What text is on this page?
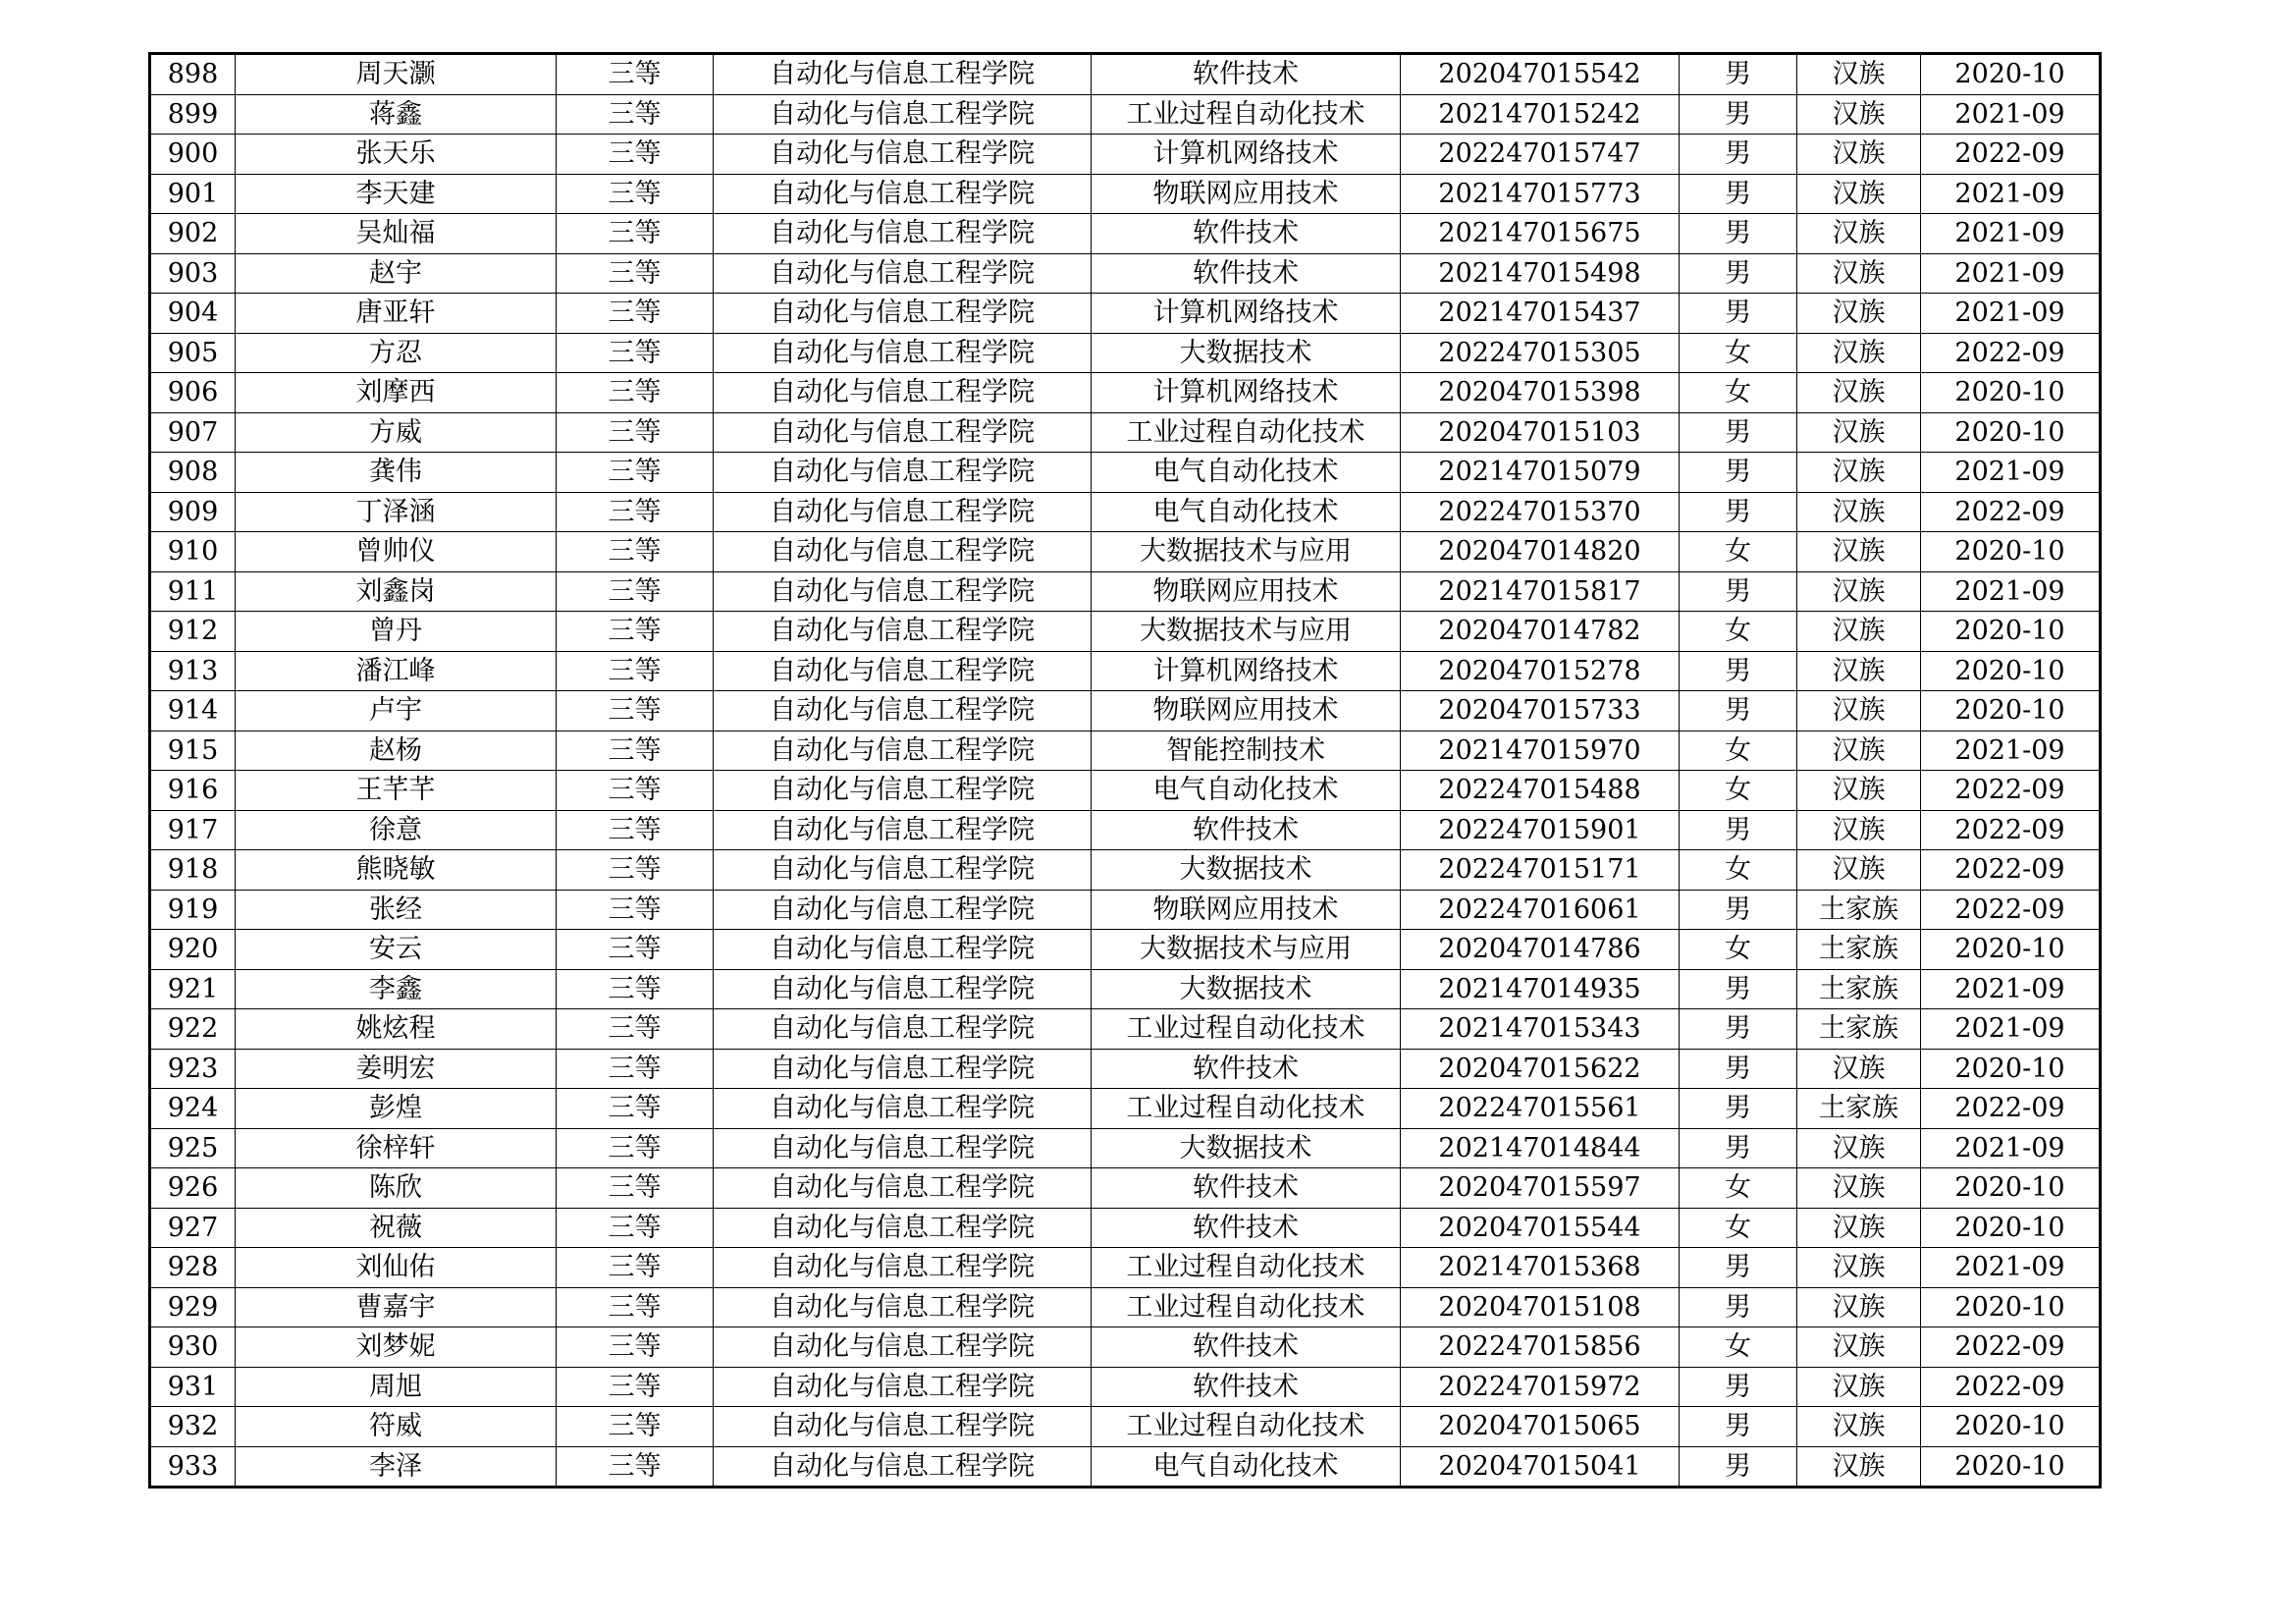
898	周天灏	三等	自动化与信息工程学院	软件技术	202047015542	男	汉族	2020-10
899	蒋鑫	三等	自动化与信息工程学院	工业过程自动化技术	202147015242	男	汉族	2021-09
900	张天乐	三等	自动化与信息工程学院	计算机网络技术	202247015747	男	汉族	2022-09
901	李天建	三等	自动化与信息工程学院	物联网应用技术	202147015773	男	汉族	2021-09
902	吴灿福	三等	自动化与信息工程学院	软件技术	202147015675	男	汉族	2021-09
903	赵宇	三等	自动化与信息工程学院	软件技术	202147015498	男	汉族	2021-09
904	唐亚轩	三等	自动化与信息工程学院	计算机网络技术	202147015437	男	汉族	2021-09
905	方忍	三等	自动化与信息工程学院	大数据技术	202247015305	女	汉族	2022-09
906	刘摩西	三等	自动化与信息工程学院	计算机网络技术	202047015398	女	汉族	2020-10
907	方威	三等	自动化与信息工程学院	工业过程自动化技术	202047015103	男	汉族	2020-10
908	龚伟	三等	自动化与信息工程学院	电气自动化技术	202147015079	男	汉族	2021-09
909	丁泽涵	三等	自动化与信息工程学院	电气自动化技术	202247015370	男	汉族	2022-09
910	曾帅仪	三等	自动化与信息工程学院	大数据技术与应用	202047014820	女	汉族	2020-10
911	刘鑫岗	三等	自动化与信息工程学院	物联网应用技术	202147015817	男	汉族	2021-09
912	曾丹	三等	自动化与信息工程学院	大数据技术与应用	202047014782	女	汉族	2020-10
913	潘江峰	三等	自动化与信息工程学院	计算机网络技术	202047015278	男	汉族	2020-10
914	卢宇	三等	自动化与信息工程学院	物联网应用技术	202047015733	男	汉族	2020-10
915	赵杨	三等	自动化与信息工程学院	智能控制技术	202147015970	女	汉族	2021-09
916	王芊芊	三等	自动化与信息工程学院	电气自动化技术	202247015488	女	汉族	2022-09
917	徐意	三等	自动化与信息工程学院	软件技术	202247015901	男	汉族	2022-09
918	熊晓敏	三等	自动化与信息工程学院	大数据技术	202247015171	女	汉族	2022-09
919	张经	三等	自动化与信息工程学院	物联网应用技术	202247016061	男	土家族	2022-09
920	安云	三等	自动化与信息工程学院	大数据技术与应用	202047014786	女	土家族	2020-10
921	李鑫	三等	自动化与信息工程学院	大数据技术	202147014935	男	土家族	2021-09
922	姚炫程	三等	自动化与信息工程学院	工业过程自动化技术	202147015343	男	土家族	2021-09
923	姜明宏	三等	自动化与信息工程学院	软件技术	202047015622	男	汉族	2020-10
924	彭煌	三等	自动化与信息工程学院	工业过程自动化技术	202247015561	男	土家族	2022-09
925	徐梓轩	三等	自动化与信息工程学院	大数据技术	202147014844	男	汉族	2021-09
926	陈欣	三等	自动化与信息工程学院	软件技术	202047015597	女	汉族	2020-10
927	祝薇	三等	自动化与信息工程学院	软件技术	202047015544	女	汉族	2020-10
928	刘仙佑	三等	自动化与信息工程学院	工业过程自动化技术	202147015368	男	汉族	2021-09
929	曹嘉宇	三等	自动化与信息工程学院	工业过程自动化技术	202047015108	男	汉族	2020-10
930	刘梦妮	三等	自动化与信息工程学院	软件技术	202247015856	女	汉族	2022-09
931	周旭	三等	自动化与信息工程学院	软件技术	202247015972	男	汉族	2022-09
932	符威	三等	自动化与信息工程学院	工业过程自动化技术	202047015065	男	汉族	2020-10
933	李泽	三等	自动化与信息工程学院	电气自动化技术	202047015041	男	汉族	2020-10
